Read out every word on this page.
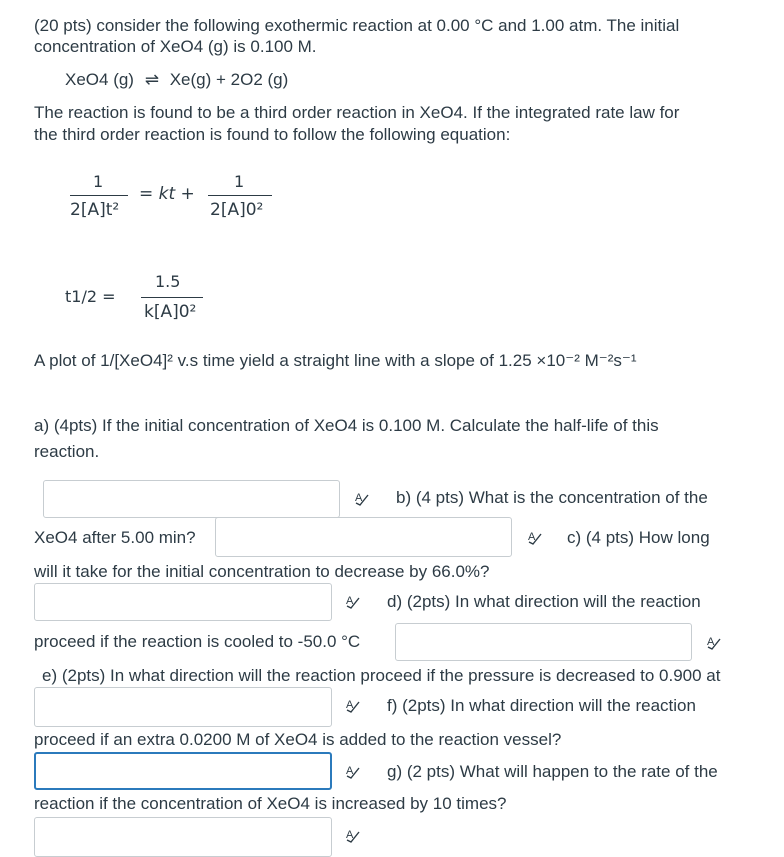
(20 pts) consider the following exothermic reaction at 0.00 °C and 1.00 atm. The initial
concentration of XeO4 (g) is 0.100 M.
XeO4 (g) ⇌ Xe(g) + 2O2 (g)
The reaction is found to be a third order reaction in XeO4. If the integrated rate law for
the third order reaction is found to follow the following equation:
1
2[A]t²
= kt +
1
2[A]0²
t1/2 =
1.5
k[A]0²
A plot of 1/[XeO4]² v.s time yield a straight line with a slope of 1.25 ×10⁻² M⁻²s⁻¹
a) (4pts) If the initial concentration of XeO4 is 0.100 M. Calculate the half-life of this
reaction.
A b) (4 pts) What is the concentration of the
XeO4 after 5.00 min?	A c) (4 pts) How long
will it take for the initial concentration to decrease by 66.0%?
A d) (2pts) In what direction will the reaction
proceed if the reaction is cooled to -50.0 °C	A
e) (2pts) In what direction will the reaction proceed if the pressure is decreased to 0.900 at
A f) (2pts) In what direction will the reaction
proceed if an extra 0.0200 M of XeO4 is added to the reaction vessel?
A g) (2 pts) What will happen to the rate of the
reaction if the concentration of XeO4 is increased by 10 times?
A
